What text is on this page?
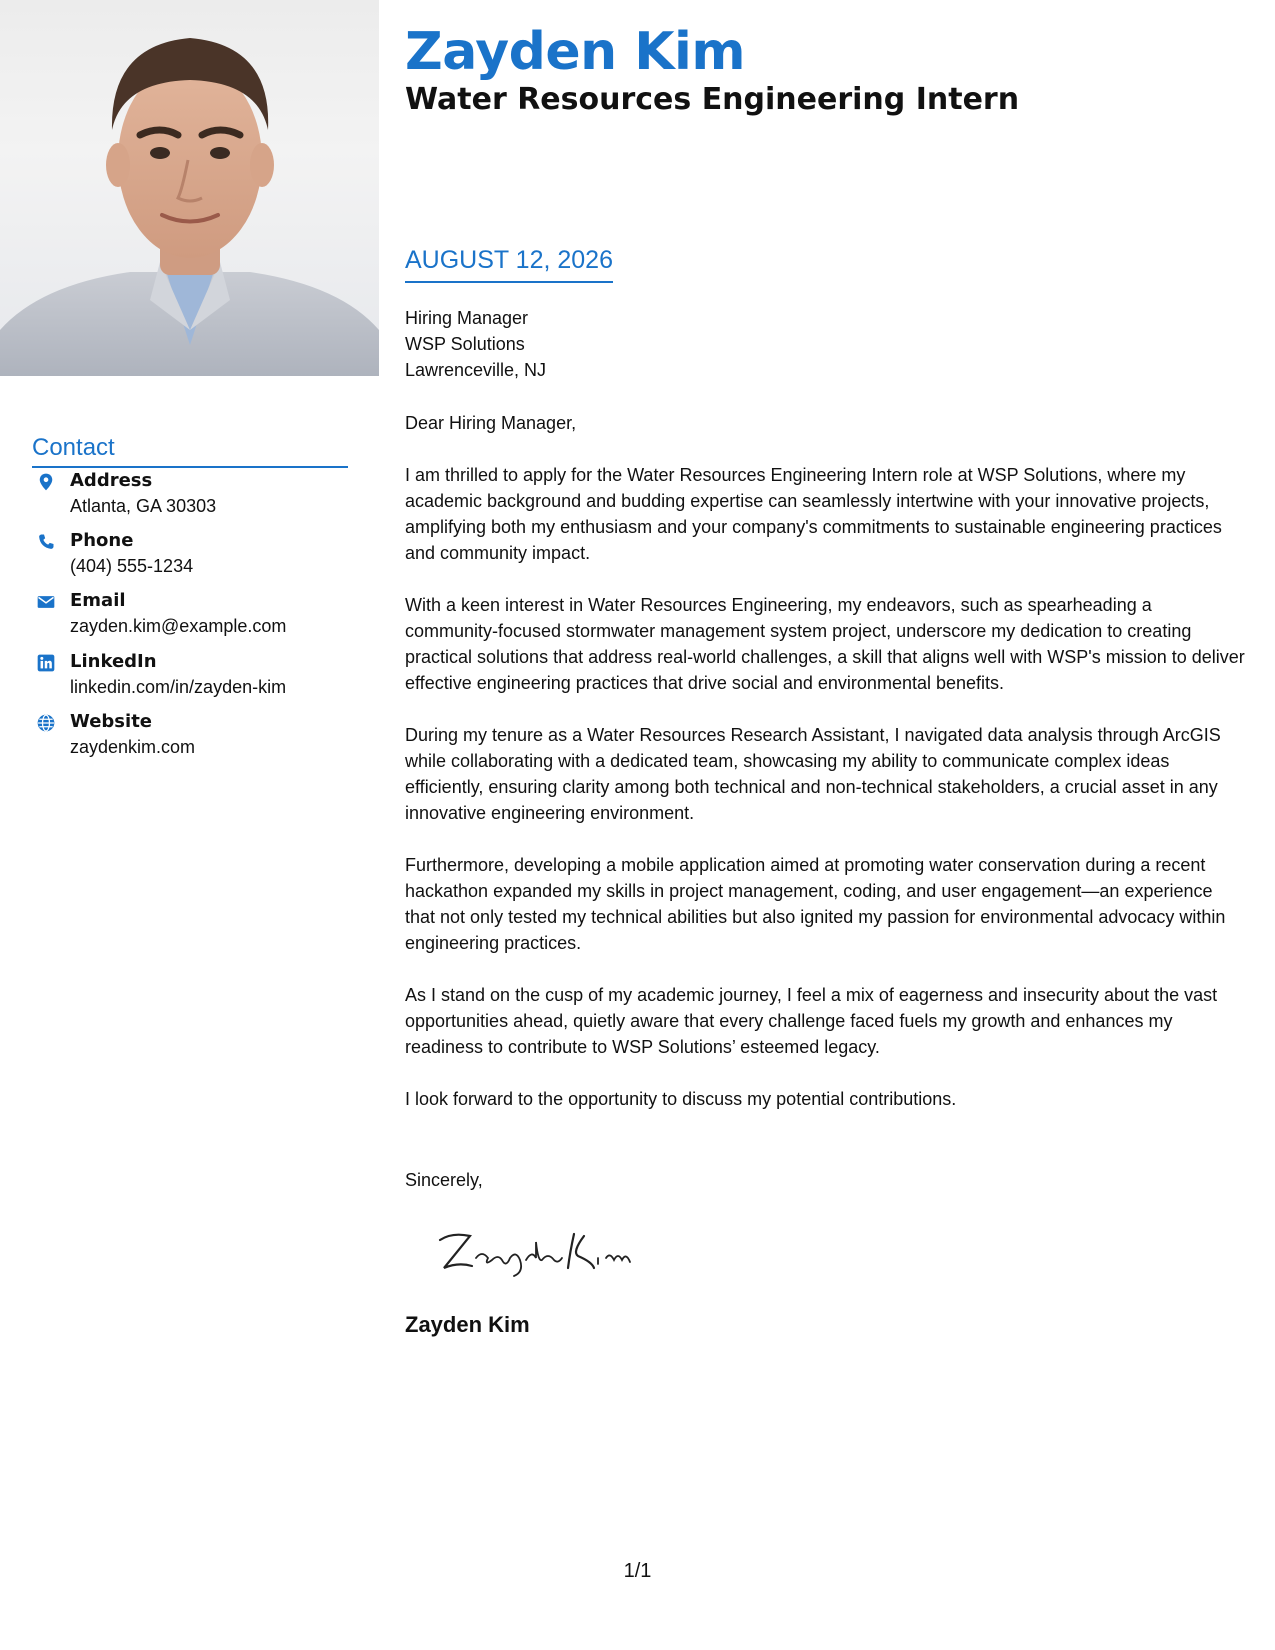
Zayden Kim
Water Resources Engineering Intern
AUGUST 12, 2026
Hiring Manager
WSP Solutions
Lawrenceville, NJ

Dear Hiring Manager,

I am thrilled to apply for the Water Resources Engineering Intern role at WSP Solutions, where my academic background and budding expertise can seamlessly intertwine with your innovative projects, amplifying both my enthusiasm and your company's commitments to sustainable engineering practices and community impact.

With a keen interest in Water Resources Engineering, my endeavors, such as spearheading a community-focused stormwater management system project, underscore my dedication to creating practical solutions that address real-world challenges, a skill that aligns well with WSP's mission to deliver effective engineering practices that drive social and environmental benefits.

During my tenure as a Water Resources Research Assistant, I navigated data analysis through ArcGIS while collaborating with a dedicated team, showcasing my ability to communicate complex ideas efficiently, ensuring clarity among both technical and non-technical stakeholders, a crucial asset in any innovative engineering environment.

Furthermore, developing a mobile application aimed at promoting water conservation during a recent hackathon expanded my skills in project management, coding, and user engagement—an experience that not only tested my technical abilities but also ignited my passion for environmental advocacy within engineering practices.

As I stand on the cusp of my academic journey, I feel a mix of eagerness and insecurity about the vast opportunities ahead, quietly aware that every challenge faced fuels my growth and enhances my readiness to contribute to WSP Solutions’ esteemed legacy.

I look forward to the opportunity to discuss my potential contributions.

Sincerely,
Zayden Kim
Contact
Address
Atlanta, GA 30303
Phone
(404) 555-1234
Email
zayden.kim@example.com
LinkedIn
linkedin.com/in/zayden-kim
Website
zaydenkim.com
1/1
